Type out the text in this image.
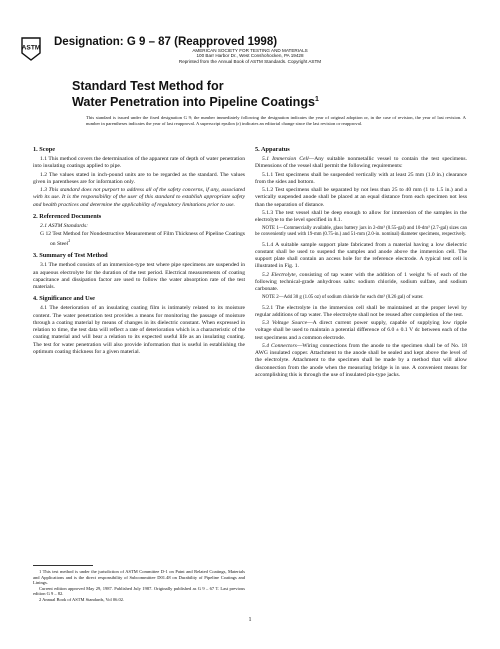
ASTM Designation: G 9 – 87 (Reapproved 1998)
AMERICAN SOCIETY FOR TESTING AND MATERIALS
100 Barr Harbor Dr., West Conshohocken, PA 19428
Reprinted from the Annual Book of ASTM Standards. Copyright ASTM
Standard Test Method for
Water Penetration into Pipeline Coatings$^1$
This standard is issued under the fixed designation G 9; the number immediately following the designation indicates the year of original adoption or, in the case of revision, the year of last revision. A number in parentheses indicates the year of last reapproval. A superscript epsilon (ε) indicates an editorial change since the last revision or reapproval.
1. Scope

1.1 This method covers the determination of the apparent rate of depth of water penetration into insulating coatings applied to pipe.

1.2 The values stated in inch-pound units are to be regarded as the standard. The values given in parentheses are for information only.

1.3 This standard does not purport to address all of the safety concerns, if any, associated with its use. It is the responsibility of the user of this standard to establish appropriate safety and health practices and determine the applicability of regulatory limitations prior to use.

2. Referenced Documents

2.1 ASTM Standards:

G 12 Test Method for Nondestructive Measurement of Film Thickness of Pipeline Coatings on Steel$^2$

3. Summary of Test Method

3.1 The method consists of an immersion-type test where pipe specimens are suspended in an aqueous electrolyte for the duration of the test period. Electrical measurements of coating capacitance and dissipation factor are used to follow the water absorption rate of the test materials.

4. Significance and Use

4.1 The deterioration of an insulating coating film is intimately related to its moisture content. The water penetration test provides a means for monitoring the passage of moisture through a coating material by means of changes in its dielectric constant. When expressed in relation to time, the test data will reflect a rate of deterioration which is a characteristic of the coating material and will bear a relation to its expected useful life as an insulating coating. The test for water penetration will also provide information that is useful in establishing the optimum coating thickness for a given material.

1 This test method is under the jurisdiction of ASTM Committee D-1 on Paint and Related Coatings, Materials and Applications and is the direct responsibility of Subcommittee D01.48 on Durability of Pipeline Coatings and Linings.

Current edition approved May 29, 1987. Published July 1987. Originally published as G 9 – 67 T. Last previous edition G 9 – 82.

2 Annual Book of ASTM Standards, Vol 06.02.

5. Apparatus

5.1 Immersion Cell—Any suitable nonmetallic vessel to contain the test specimens. Dimensions of the vessel shall permit the following requirements:

5.1.1 Test specimens shall be suspended vertically with at least 25 mm (1.0 in.) clearance from the sides and bottom.

5.1.2 Test specimens shall be separated by not less than 25 to 40 mm (1 to 1.5 in.) and a vertically suspended anode shall be placed at an equal distance from each specimen not less than the separation of distance.

5.1.3 The test vessel shall be deep enough to allow for immersion of the samples in the electrolyte to the level specified in 8.1.

NOTE 1—Commercially available, glass battery jars in 2-dm³ (0.55-gal) and 10-dm³ (2.7-gal) sizes can be conveniently used with 19-mm (0.75-in.) and 51-mm (2.0-in. nominal) diameter specimens, respectively.

5.1.4 A suitable sample support plate fabricated from a material having a low dielectric constant shall be used to suspend the samples and anode above the immersion cell. The support plate shall contain an access hole for the reference electrode. A typical test cell is illustrated in Fig. 1.

5.2 Electrolyte, consisting of tap water with the addition of 1 weight % of each of the following technical-grade anhydrous salts: sodium chloride, sodium sulfate, and sodium carbonate.

NOTE 2—Add 30 g (1.05 oz) of sodium chloride for each dm³ (0.26 gal) of water.

5.2.1 The electrolyte in the immersion cell shall be maintained at the proper level by regular additions of tap water. The electrolyte shall not be reused after completion of the test.

5.3 Voltage Source—A direct current power supply, capable of supplying low ripple voltage shall be used to maintain a potential difference of 6.0 ± 0.1 V dc between each of the test specimens and a common electrode.

5.4 Connectors—Wiring connections from the anode to the specimen shall be of No. 18 AWG insulated copper. Attachment to the anode shall be sealed and kept above the level of the electrolyte. Attachment to the specimen shall be made by a method that will allow disconnection from the anode when the measuring bridge is in use. A convenient means for accomplishing this is through the use of insulated pin-type jacks.

1
